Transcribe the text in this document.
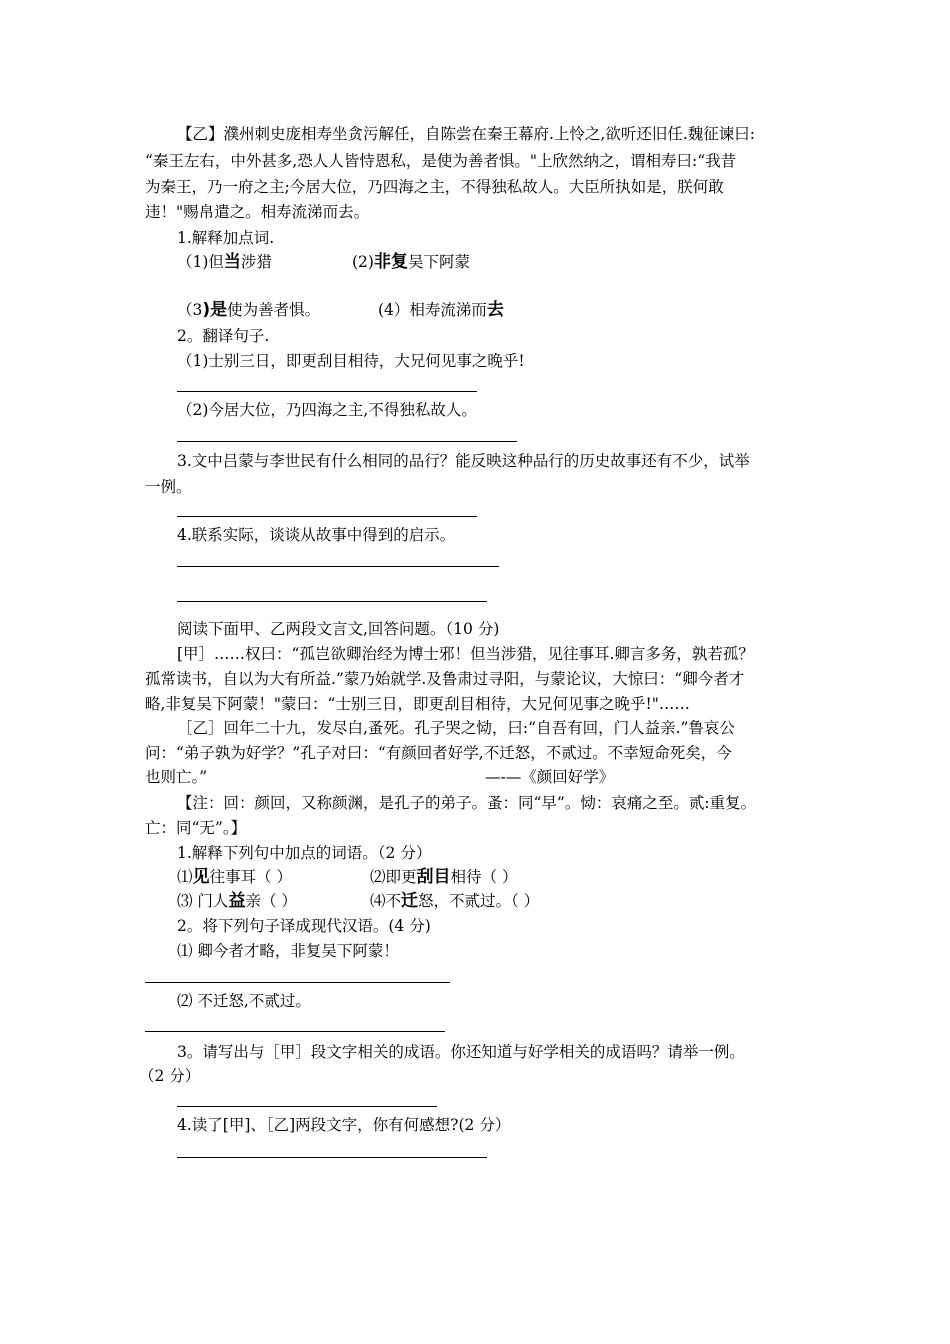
【乙】濮州刺史庞相寿坐贪污解任，自陈尝在秦王幕府.上怜之,欲听还旧任.魏征谏曰:
“秦王左右，中外甚多,恐人人皆恃恩私，是使为善者惧。"上欣然纳之，谓相寿曰:“我昔
为秦王，乃一府之主;今居大位，乃四海之主，不得独私故人。大臣所执如是，朕何敢
违！"赐帛遣之。相寿流涕而去。
1.解释加点词.
（1)但当涉猎	(2)非复吴下阿蒙
（3)是使为善者惧。	(4）相寿流涕而去
2。翻译句子.
（1)士别三日，即更刮目相待，大兄何见事之晚乎!
（2)今居大位，乃四海之主,不得独私故人。
3.文中吕蒙与李世民有什么相同的品行？能反映这种品行的历史故事还有不少，试举
一例。
4.联系实际，谈谈从故事中得到的启示。
阅读下面甲、乙两段文言文,回答问题。（10 分)
[甲］……权曰：“孤岂欲卿治经为博士邪！但当涉猎，见往事耳.卿言多务，孰若孤？
孤常读书，自以为大有所益.”蒙乃始就学.及鲁肃过寻阳，与蒙论议，大惊曰：“卿今者才
略,非复吴下阿蒙！"蒙曰：“士别三日，即更刮目相待，大兄何见事之晚乎!"……
［乙］回年二十九，发尽白,蚤死。孔子哭之恸，曰:“自吾有回，门人益亲.”鲁哀公
问：“弟子孰为好学？”孔子对曰：“有颜回者好学,不迁怒，不贰过。不幸短命死矣，今
也则亡。”	—-—《颜回好学》
【注：回：颜回，又称颜渊，是孔子的弟子。蚤：同“早”。恸：哀痛之至。贰:重复。
亡：同“无”。】
1.解释下列句中加点的词语。（2 分）
⑴见往事耳（ ）	⑵即更刮目相待（ ）
⑶ 门人益亲（ ）	⑷不迁怒，不贰过。（ ）
2。将下列句子译成现代汉语。(4 分)
⑴ 卿今者才略，非复吴下阿蒙！
⑵ 不迁怒,不贰过。
3。请写出与［甲］段文字相关的成语。你还知道与好学相关的成语吗？请举一例。
（2 分）
4.读了[甲]、［乙]两段文字，你有何感想?(2 分）
